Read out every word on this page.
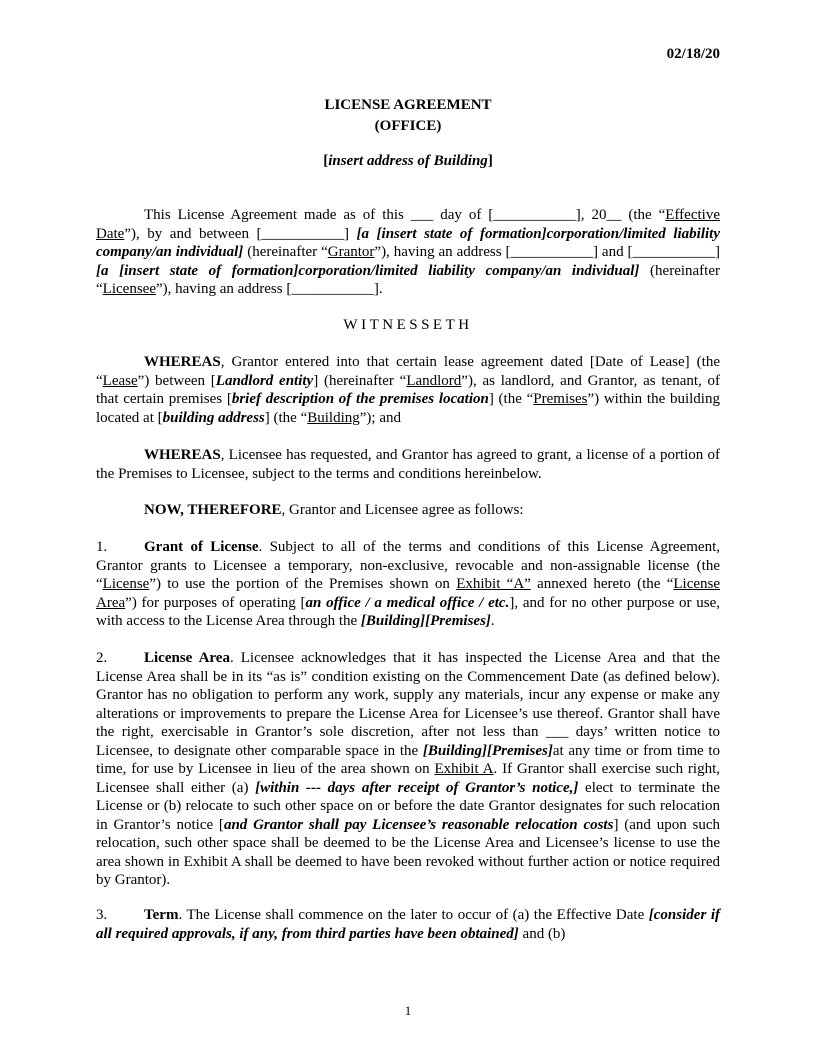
02/18/20
LICENSE AGREEMENT
(OFFICE)
[insert address of Building]

This License Agreement made as of this ___ day of [___________], 20__ (the “Effective Date”), by and between [___________] [a [insert state of formation]corporation/limited liability company/an individual] (hereinafter “Grantor”), having an address [___________] and [___________] [a [insert state of formation]corporation/limited liability company/an individual] (hereinafter “Licensee”), having an address [___________].

WITNESSETH

WHEREAS, Grantor entered into that certain lease agreement dated [Date of Lease] (the “Lease”) between [Landlord entity] (hereinafter “Landlord”), as landlord, and Grantor, as tenant, of that certain premises [brief description of the premises location] (the “Premises”) within the building located at [building address] (the “Building”); and

WHEREAS, Licensee has requested, and Grantor has agreed to grant, a license of a portion of the Premises to Licensee, subject to the terms and conditions hereinbelow.

NOW, THEREFORE, Grantor and Licensee agree as follows:

1. Grant of License. Subject to all of the terms and conditions of this License Agreement, Grantor grants to Licensee a temporary, non-exclusive, revocable and non-assignable license (the “License”) to use the portion of the Premises shown on Exhibit “A” annexed hereto (the “License Area”) for purposes of operating [an office / a medical office / etc.], and for no other purpose or use, with access to the License Area through the [Building][Premises].

2. License Area. Licensee acknowledges that it has inspected the License Area and that the License Area shall be in its “as is” condition existing on the Commencement Date (as defined below). Grantor has no obligation to perform any work, supply any materials, incur any expense or make any alterations or improvements to prepare the License Area for Licensee’s use thereof. Grantor shall have the right, exercisable in Grantor’s sole discretion, after not less than ___ days’ written notice to Licensee, to designate other comparable space in the [Building][Premises]at any time or from time to time, for use by Licensee in lieu of the area shown on Exhibit A. If Grantor shall exercise such right, Licensee shall either (a) [within --- days after receipt of Grantor’s notice,] elect to terminate the License or (b) relocate to such other space on or before the date Grantor designates for such relocation in Grantor’s notice [and Grantor shall pay Licensee’s reasonable relocation costs] (and upon such relocation, such other space shall be deemed to be the License Area and Licensee’s license to use the area shown in Exhibit A shall be deemed to have been revoked without further action or notice required by Grantor).

3. Term. The License shall commence on the later to occur of (a) the Effective Date [consider if all required approvals, if any, from third parties have been obtained] and (b)

1
